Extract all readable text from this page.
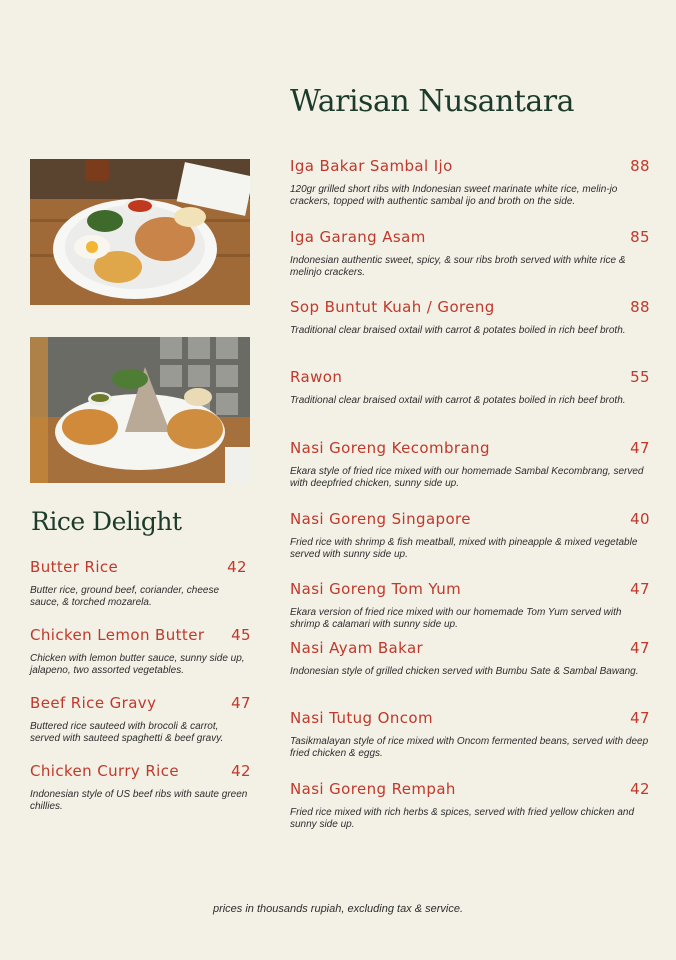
Warisan Nusantara
Iga Bakar Sambal Ijo	88
120gr grilled short ribs with Indonesian sweet marinate white rice, melin-jo crackers, topped with authentic sambal ijo and broth on the side.
Iga Garang Asam	85
Indonesian authentic sweet, spicy, & sour ribs broth served with white rice & melinjo crackers.
Sop Buntut Kuah / Goreng	88
Traditional clear braised oxtail with carrot & potates boiled in rich beef broth.
Rawon	55
Traditional clear braised oxtail with carrot & potates boiled in rich beef broth.
Nasi Goreng Kecombrang	47
Ekara style of fried rice mixed with our homemade Sambal Kecombrang, served with deepfried chicken, sunny side up.
Nasi Goreng Singapore	40
Fried rice with shrimp & fish meatball, mixed with pineapple & mixed vegetable served with sunny side up.
Nasi Goreng Tom Yum	47
Ekara version of fried rice mixed with our homemade Tom Yum served with shrimp & calamari with sunny side up.
Nasi Ayam Bakar	47
Indonesian style of grilled chicken served with Bumbu Sate & Sambal Bawang.
Nasi Tutug Oncom	47
Tasikmalayan style of rice mixed with Oncom fermented beans, served with deep fried chicken & eggs.
Nasi Goreng Rempah	42
Fried rice mixed with rich herbs & spices, served with fried yellow chicken and sunny side up.
Rice Delight
Butter Rice	42
Butter rice, ground beef, coriander, cheese sauce, & torched mozarela.
Chicken Lemon Butter 45
Chicken with lemon butter sauce, sunny side up, jalapeno, two assorted vegetables.
Beef Rice Gravy	47
Buttered rice sauteed with brocoli & carrot, served with sauteed spaghetti & beef gravy.
Chicken Curry Rice	42
Indonesian style of US beef ribs with saute green chillies.
prices in thousands rupiah, excluding tax & service.
